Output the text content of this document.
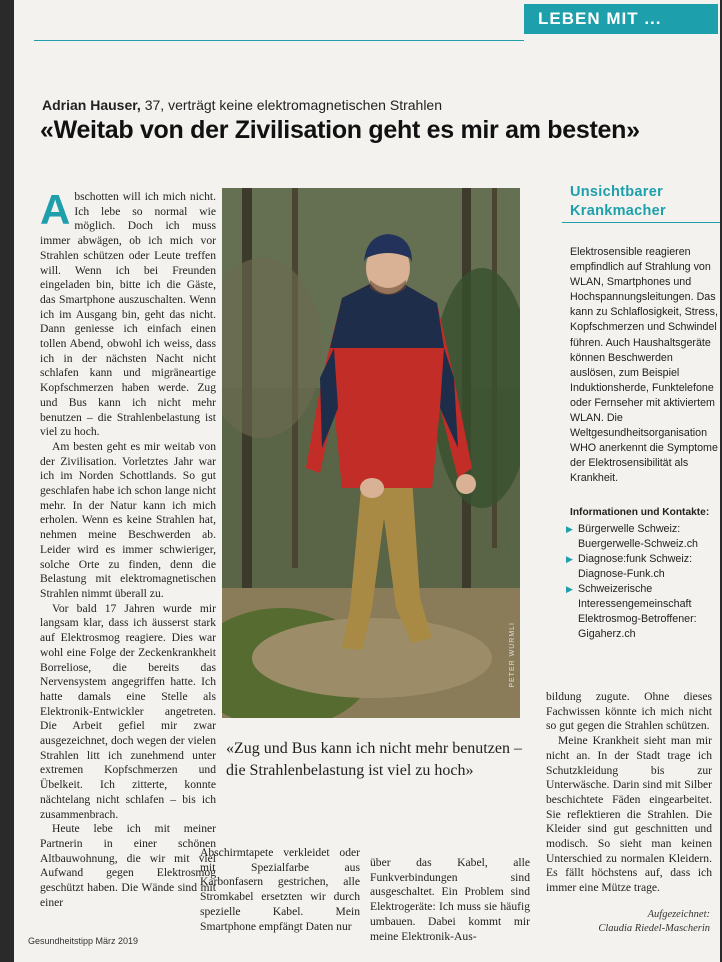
LEBEN MIT ...
Adrian Hauser, 37, verträgt keine elektromagnetischen Strahlen
«Weitab von der Zivilisation geht es mir am besten»

Abschotten will ich mich nicht. Ich lebe so normal wie möglich. Doch ich muss immer abwägen, ob ich mich vor Strahlen schützen oder Leute treffen will. Wenn ich bei Freunden eingeladen bin, bitte ich die Gäste, das Smartphone auszuschalten. Wenn ich im Ausgang bin, geht das nicht. Dann geniesse ich einfach einen tollen Abend, obwohl ich weiss, dass ich in der nächsten Nacht nicht schlafen kann und migräneartige Kopfschmerzen haben werde. Zug und Bus kann ich nicht mehr benutzen – die Strahlenbelastung ist viel zu hoch.

Am besten geht es mir weitab von der Zivilisation. Vorletztes Jahr war ich im Norden Schottlands. So gut geschlafen habe ich schon lange nicht mehr. In der Natur kann ich mich erholen. Wenn es keine Strahlen hat, nehmen meine Beschwerden ab. Leider wird es immer schwieriger, solche Orte zu finden, denn die Belastung mit elektromagnetischen Strahlen nimmt überall zu.

Vor bald 17 Jahren wurde mir langsam klar, dass ich äusserst stark auf Elektrosmog reagiere. Dies war wohl eine Folge der Zeckenkrankheit Borreliose, die bereits das Nervensystem angegriffen hatte. Ich hatte damals eine Stelle als Elektronik-Entwickler angetreten. Die Arbeit gefiel mir zwar ausgezeichnet, doch wegen der vielen Strahlen litt ich zunehmend unter extremen Kopfschmerzen und Übelkeit. Ich zitterte, konnte nächtelang nicht schlafen – bis ich zusammenbrach.

Heute lebe ich mit meiner Partnerin in einer schönen Altbauwohnung, die wir mit viel Aufwand gegen Elektrosmog geschützt haben. Die Wände sind mit einer

PETER WÜRMLI
«Zug und Bus kann ich nicht mehr benutzen – die Strahlenbelastung ist viel zu hoch»

Abschirmtapete verkleidet oder mit Spezialfarbe aus Karbonfasern gestrichen, alle Stromkabel ersetzten wir durch spezielle Kabel. Mein Smartphone empfängt Daten nur

über das Kabel, alle Funkverbindungen sind ausgeschaltet. Ein Problem sind Elektrogeräte: Ich muss sie häufig umbauen. Dabei kommt mir meine Elektronik-Aus-

bildung zugute. Ohne dieses Fachwissen könnte ich mich nicht so gut gegen die Strahlen schützen.

Meine Krankheit sieht man mir nicht an. In der Stadt trage ich Schutzkleidung bis zur Unterwäsche. Darin sind mit Silber beschichtete Fäden eingearbeitet. Sie reflektieren die Strahlen. Die Kleider sind gut geschnitten und modisch. So sieht man keinen Unterschied zu normalen Kleidern. Es fällt höchstens auf, dass ich immer eine Mütze trage.

Unsichtbarer
Krankmacher
Elektrosensible reagieren empfindlich auf Strahlung von WLAN, Smartphones und Hochspannungsleitungen. Das kann zu Schlaflosigkeit, Stress, Kopfschmerzen und Schwindel führen. Auch Haushaltsgeräte können Beschwerden auslösen, zum Beispiel Induktionsherde, Funktelefone oder Fernseher mit aktiviertem WLAN. Die Weltgesundheitsorganisation WHO anerkennt die Symptome der Elektrosensibilität als Krankheit.
Informationen und Kontakte:
▶ Bürgerwelle Schweiz: Buergerwelle-Schweiz.ch
▶ Diagnose:funk Schweiz: Diagnose-Funk.ch
▶ Schweizerische Interessengemeinschaft Elektrosmog-Betroffener: Gigaherz.ch
Aufgezeichnet:
Claudia Riedel-Mascherin
Gesundheitstipp März 2019
